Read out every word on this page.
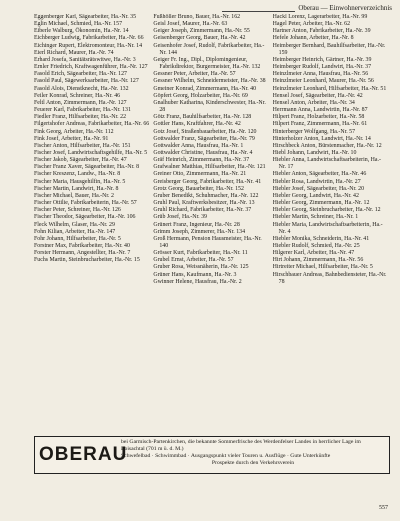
Oberau — Einwohnerverzeichnis
Eggenberger Karl, Sägearbeiter, Ha.-Nr. 35
Eglin Michael, Schmied, Ha.-Nr. 157
Eiberle Walburg, Ökonomin, Ha.-Nr. 14
Eichberger Ludwig, Fabrikarbeiter, Ha.-Nr. 66
Eichinger Rupert, Elektromonteur, Ha.-Nr. 14
Eierl Richard, Maurer, Ha.-Nr. 74
Erhard Josefa, Sanitätsrätswitwe, Ha.-Nr. 3
Ernler Friedrich, Kraftwagenführer, Ha.-Nr. 127
Fasold Erich, Sägearbeiter, Ha.-Nr. 127
Fasold Paul, Sägewerksarbeiter, Ha.-Nr. 127
Fasold Alois, Dienstknecht, Ha.-Nr. 132
Feiler Konrad, Schreiner, Ha.-Nr. 46
Feltl Anton, Zimmermann, Ha.-Nr. 127
Feuerer Karl, Fabrikarbeiter, Ha.-Nr. 131
Fiedler Franz, Hilfsarbeiter, Ha.-Nr. 22
Filgertshofer Andreas, Fabrikarbeiter, Ha.-Nr. 66
Fink Georg, Arbeiter, Ha.-Nr. 112
Fink Josef, Arbeiter, Ha.-Nr. 91
Fischer Anton, Hilfsarbeiter, Ha.-Nr. 151
Fischer Josef, Landwirtschaftsgehilfe, Ha.-Nr. 5
Fischer Jakob, Sägearbeiter, Ha.-Nr. 47
Fischer Franz Xaver, Sägearbeiter, Ha.-Nr. 8
Fischer Kreszenz, Landw., Ha.-Nr. 8
Fischer Maria, Hausgehilfin, Ha.-Nr. 5
Fischer Martin, Landwirt, Ha.-Nr. 8
Fischer Michael, Bauer, Ha.-Nr. 2
Fischer Ottilie, Fabrikarbeiterin, Ha.-Nr. 57
Fischer Peter, Schreiner, Ha.-Nr. 126
Fischer Theodor, Sägearbeiter, Ha.-Nr. 106
Fleck Wilhelm, Glaser, Ha.-Nr. 29
Fohn Kilian, Arbeiter, Ha.-Nr. 147
Fohr Johann, Hilfsarbeiter, Ha.-Nr. 5
Forstner Max, Fabrikarbeiter, Ha.-Nr. 40
Forster Hermann, Angestellter, Ha.-Nr. 7
Fuchs Martin, Steinbrucharbeiter, Ha.-Nr. 15
Fußhöller Bruno, Bauer, Ha.-Nr. 162
Geisl Josef, Maurer, Ha.-Nr. 63
Geiger Joseph, Zimmermann, Ha.-Nr. 55
Geisenberger Georg, Bauer, Ha.-Nr. 42
Geisenhofer Josef, Rudolf, Fabrikarbeiter, Ha.-Nr. 144
Geiger Fr. Ing., Dipl., Diplomingenieur, Fabrikdirektor, Burgermeister, Ha.-Nr. 132
Gessner Peter, Arbeiter, Ha.-Nr. 57
Gessner Wilhelm, Schneidermeister, Ha.-Nr. 38
Gmeiner Konrad, Zimmermann, Ha.-Nr. 40
Göpfert Georg, Holzarbeiter, Ha.-Nr. 69
Gnalhuber Katharina, Kinderschwester, Ha.-Nr. 28
Götz Franz, Bauhilfsarbeiter, Ha.-Nr. 128
Gottler Hans, Kraftfahrer, Ha.-Nr. 42
Gotz Josef, Straßenbauarbeiter, Ha.-Nr. 120
Gottwalder Franz, Sägearbeiter, Ha.-Nr. 79
Gottwalder Anna, Hausfrau, Ha.-Nr. 1
Gottwalder Christine, Hausfrau, Ha.-Nr. 4
Gräf Heinrich, Zimmermann, Ha.-Nr. 37
Grafwalner Matthias, Hilfsarbeiter, Ha.-Nr. 121
Greiner Otto, Zimmermann, Ha.-Nr. 21
Greisberger Georg, Fabrikarbeiter, Ha.-Nr. 41
Grotz Georg, Bauarbeiter, Ha.-Nr. 152
Gruber Benedikt, Schuhmacher, Ha.-Nr. 122
Gruhl Paul, Kraftwerksbesitzer, Ha.-Nr. 13
Gruhl Richard, Fabrikarbeiter, Ha.-Nr. 37
Grüb Josef, Ha.-Nr. 39
Grünert Franz, Ingenieur, Ha.-Nr. 28
Grimm Joseph, Zimmerer, Ha.-Nr. 134
Groß Hermann, Pension Hausmeister, Ha.-Nr. 140
Grösser Kurt, Fabrikarbeiter, Ha.-Nr. 11
Grubel Ernst, Arbeiter, Ha.-Nr. 57
Gruber Rosa, Weissnäherin, Ha.-Nr. 125
Grüner Hans, Kaufmann, Ha.-Nr. 3
Gwinner Helene, Hausfrau, Ha.-Nr. 2
Hackl Lorenz, Lagerarbeiter, Ha.-Nr. 99
Hagel Peter, Arbeiter, Ha.-Nr. 62
Hartner Anton, Fabrikarbeiter, Ha.-Nr. 39
Hefele Johann, Arbeiter, Ha.-Nr. 8
Heimberger Bernhard, Bauhilfsarbeiter, Ha.-Nr. 159
Heimberger Heinrich, Gärtner, Ha.-Nr. 39
Heimberger Rudolf, Landwirt, Ha.-Nr. 37
Heinzlmeier Anna, Hausfrau, Ha.-Nr. 56
Heinzlmeier Leonhard, Maurer, Ha.-Nr. 56
Heinzlmeier Leonhard, Hilfsarbeiter, Ha.-Nr. 51
Hensel Josef, Sägearbeiter, Ha.-Nr. 42
Hensel Anton, Arbeiter, Ha.-Nr. 34
Herrmann Anna, Landwirtin, Ha.-Nr. 87
Hilpert Franz, Holzarbeiter, Ha.-Nr. 58
Hilpert Franz, Zimmermann, Ha.-Nr. 61
Hinterberger Wolfgang, Ha.-Nr. 57
Hinterholzer Anton, Landwirt, Ha.-Nr. 14
Hirschbeck Anton, Bürstenmacher, Ha.-Nr. 12
Hiebl Johann, Landwirt, Ha.-Nr. 10
Hiebler Anna, Landwirtschaftsarbeiterin, Ha.-Nr. 17
Hiebler Anton, Sägearbeiter, Ha.-Nr. 46
Hiebler Rosa, Landwirtin, Ha.-Nr. 27
Hiebler Josef, Sägearbeiter, Ha.-Nr. 20
Hiebler Georg, Landwirt, Ha.-Nr. 42
Hiebler Georg, Zimmermann, Ha.-Nr. 12
Hiebler Georg, Steinbrucharbeiter, Ha.-Nr. 12
Hiebler Martin, Schreiner, Ha.-Nr. 1
Hiebler Maria, Landwirtschaftsarbeiterin, Ha.-Nr. 4
Hiebler Monika, Schneiderin, Ha.-Nr. 41
Hiebler Rudolf, Schmied, Ha.-Nr. 25
Hilgerer Karl, Arbeiter, Ha.-Nr. 47
Hirt Johann, Zimmermann, Ha.-Nr. 56
Hirtreiter Michael, Hilfsarbeiter, Ha.-Nr. 5
Hirschbauer Andreas, Bahnbediensteter, Ha.-Nr. 78
OBERAU
bei Garmisch-Partenkirchen, die bekannte Sommerfrische des Werdenfelser Landes in herrlicher Lage im Loisachtal (701 m ü. d. M.)
Schwefelbad · Schwimmbad · Ausgangspunkt vieler Touren u. Ausflüge · Gute Unterkünfte
Prospekte durch den Verkehrsverein
557
